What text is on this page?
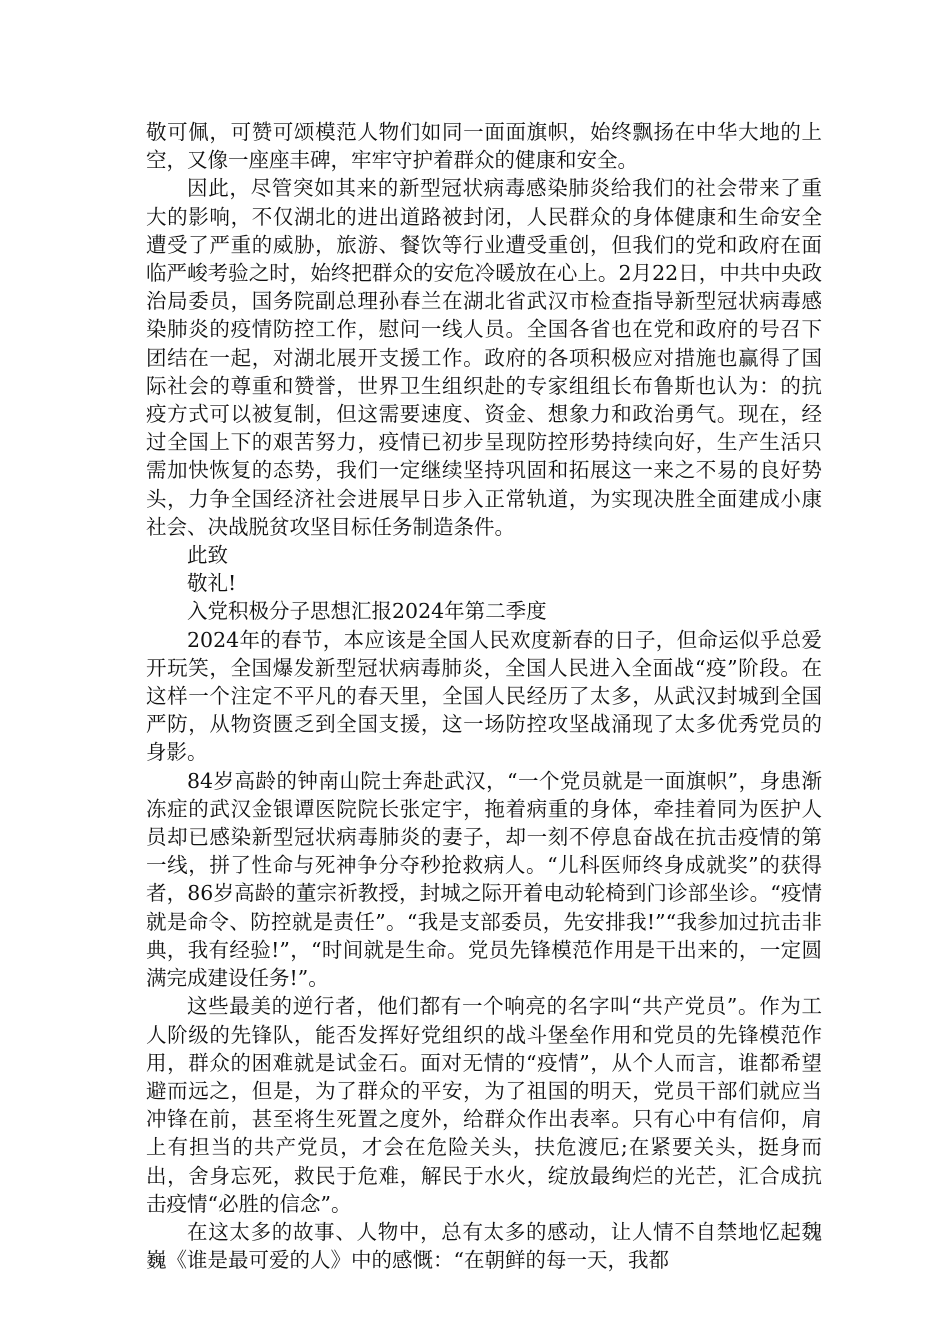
敬可佩，可赞可颂模范人物们如同一面面旗帜，始终飘扬在中华大地的上空，又像一座座丰碑，牢牢守护着群众的健康和安全。

因此，尽管突如其来的新型冠状病毒感染肺炎给我们的社会带来了重大的影响，不仅湖北的进出道路被封闭，人民群众的身体健康和生命安全遭受了严重的威胁，旅游、餐饮等行业遭受重创，但我们的党和政府在面临严峻考验之时，始终把群众的安危冷暖放在心上。2月22日，中共中央政治局委员，国务院副总理孙春兰在湖北省武汉市检查指导新型冠状病毒感染肺炎的疫情防控工作，慰问一线人员。全国各省也在党和政府的号召下团结在一起，对湖北展开支援工作。政府的各项积极应对措施也赢得了国际社会的尊重和赞誉，世界卫生组织赴的专家组组长布鲁斯也认为：的抗疫方式可以被复制，但这需要速度、资金、想象力和政治勇气。现在，经过全国上下的艰苦努力，疫情已初步呈现防控形势持续向好，生产生活只需加快恢复的态势，我们一定继续坚持巩固和拓展这一来之不易的良好势头，力争全国经济社会进展早日步入正常轨道，为实现决胜全面建成小康社会、决战脱贫攻坚目标任务制造条件。

此致

敬礼!

入党积极分子思想汇报2024年第二季度

2024年的春节，本应该是全国人民欢度新春的日子，但命运似乎总爱开玩笑，全国爆发新型冠状病毒肺炎，全国人民进入全面战“疫”阶段。在这样一个注定不平凡的春天里，全国人民经历了太多，从武汉封城到全国严防，从物资匮乏到全国支援，这一场防控攻坚战涌现了太多优秀党员的身影。

84岁高龄的钟南山院士奔赴武汉，“一个党员就是一面旗帜”，身患渐冻症的武汉金银谭医院院长张定宇，拖着病重的身体，牵挂着同为医护人员却已感染新型冠状病毒肺炎的妻子，却一刻不停息奋战在抗击疫情的第一线，拼了性命与死神争分夺秒抢救病人。“儿科医师终身成就奖”的获得者，86岁高龄的董宗祈教授，封城之际开着电动轮椅到门诊部坐诊。“疫情就是命令、防控就是责任”。“我是支部委员，先安排我!”“我参加过抗击非典，我有经验!”，“时间就是生命。党员先锋模范作用是干出来的，一定圆满完成建设任务!”。

这些最美的逆行者，他们都有一个响亮的名字叫“共产党员”。作为工人阶级的先锋队，能否发挥好党组织的战斗堡垒作用和党员的先锋模范作用，群众的困难就是试金石。面对无情的“疫情”，从个人而言，谁都希望避而远之，但是，为了群众的平安，为了祖国的明天，党员干部们就应当冲锋在前，甚至将生死置之度外，给群众作出表率。只有心中有信仰，肩上有担当的共产党员，才会在危险关头，扶危渡厄;在紧要关头，挺身而出，舍身忘死，救民于危难，解民于水火，绽放最绚烂的光芒，汇合成抗击疫情“必胜的信念”。

在这太多的故事、人物中，总有太多的感动，让人情不自禁地忆起魏巍《谁是最可爱的人》中的感慨：“在朝鲜的每一天，我都
